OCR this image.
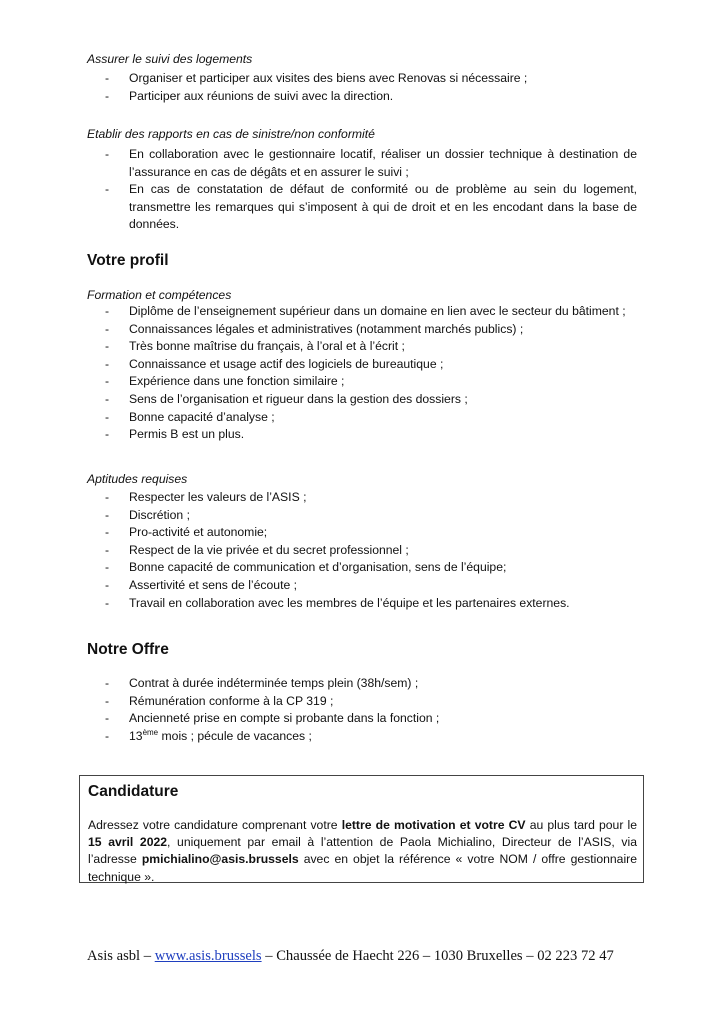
Assurer le suivi des logements
- Organiser et participer aux visites des biens avec Renovas si nécessaire ;
- Participer aux réunions de suivi avec la direction.
Etablir des rapports en cas de sinistre/non conformité
- En collaboration avec le gestionnaire locatif, réaliser un dossier technique à destination de l’assurance en cas de dégâts et en assurer le suivi ;
- En cas de constatation de défaut de conformité ou de problème au sein du logement, transmettre les remarques qui s’imposent à qui de droit et en les encodant dans la base de données.
Votre profil
Formation et compétences
- Diplôme de l’enseignement supérieur dans un domaine en lien avec le secteur du bâtiment ;
- Connaissances légales et administratives (notamment marchés publics) ;
- Très bonne maîtrise du français, à l’oral et à l’écrit ;
- Connaissance et usage actif des logiciels de bureautique ;
- Expérience dans une fonction similaire ;
- Sens de l’organisation et rigueur dans la gestion des dossiers ;
- Bonne capacité d’analyse ;
- Permis B est un plus.
Aptitudes requises
- Respecter les valeurs de l’ASIS ;
- Discrétion ;
- Pro-activité et autonomie;
- Respect de la vie privée et du secret professionnel ;
- Bonne capacité de communication et d’organisation, sens de l’équipe;
- Assertivité et sens de l’écoute ;
- Travail en collaboration avec les membres de l’équipe et les partenaires externes.
Notre Offre
- Contrat à durée indéterminée temps plein (38h/sem) ;
- Rémunération conforme à la CP 319 ;
- Ancienneté prise en compte si probante dans la fonction ;
- 13ème mois ; pécule de vacances ;
Candidature
Adressez votre candidature comprenant votre lettre de motivation et votre CV au plus tard pour le 15 avril 2022, uniquement par email à l’attention de Paola Michialino, Directeur de l’ASIS, via l’adresse pmichialino@asis.brussels avec en objet la référence « votre NOM / offre gestionnaire technique ».
Asis asbl – www.asis.brussels – Chaussée de Haecht 226 – 1030 Bruxelles – 02 223 72 47
